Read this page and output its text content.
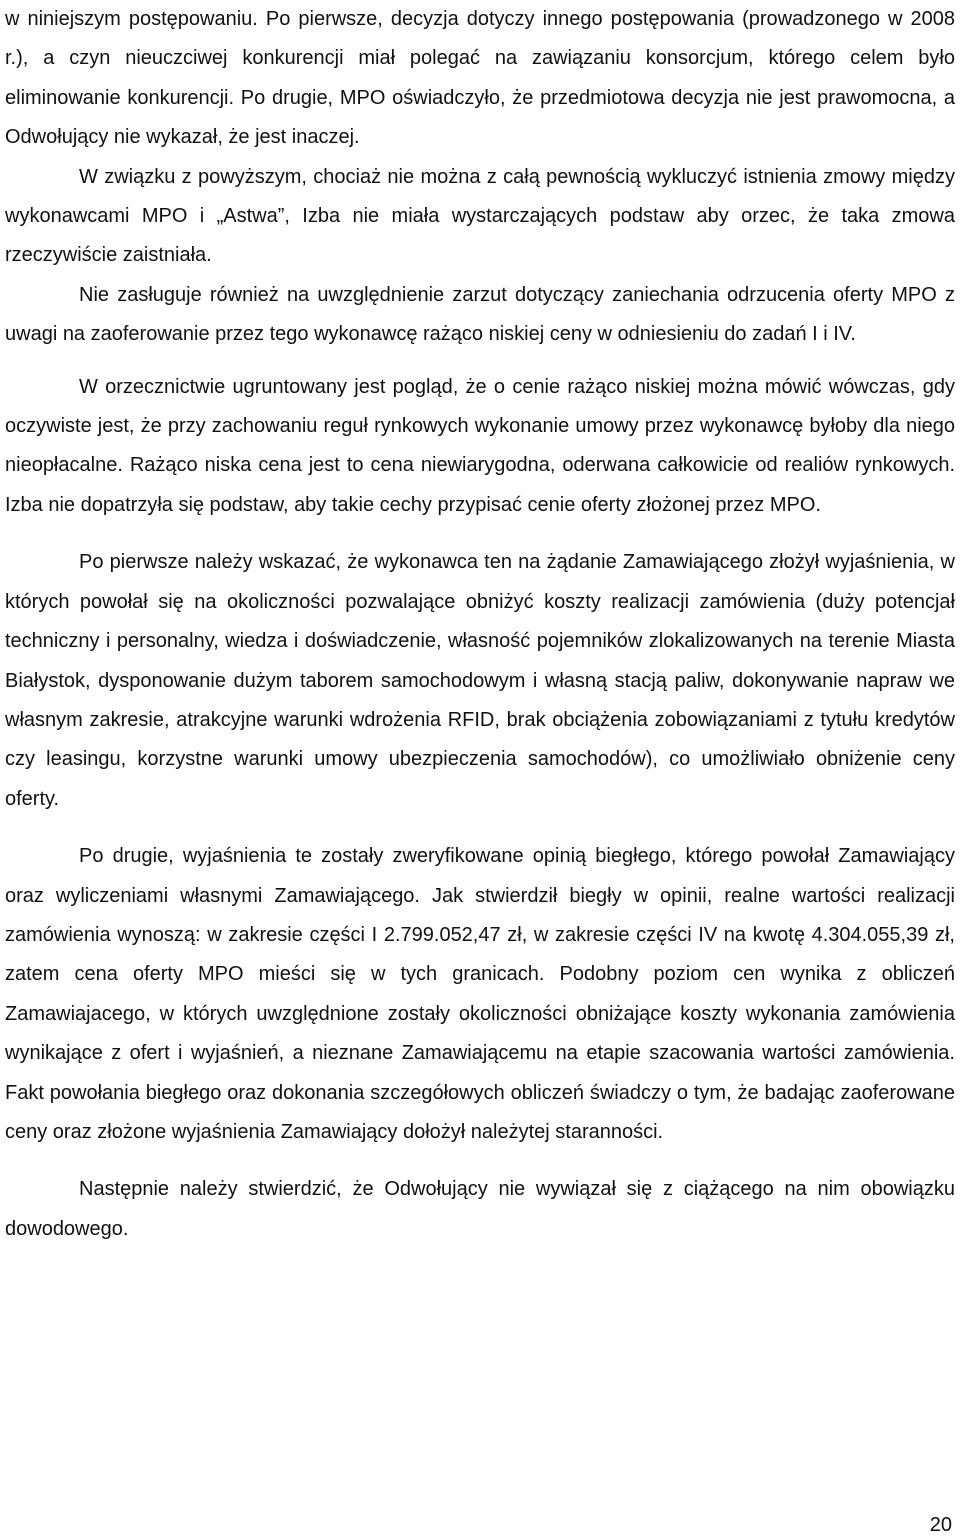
w niniejszym postępowaniu. Po pierwsze, decyzja dotyczy innego postępowania (prowadzonego w 2008 r.), a czyn nieuczciwej konkurencji miał polegać na zawiązaniu konsorcjum, którego celem było eliminowanie konkurencji. Po drugie, MPO oświadczyło, że przedmiotowa decyzja nie jest prawomocna, a Odwołujący nie wykazał, że jest inaczej.

W związku z powyższym, chociaż nie można z całą pewnością wykluczyć istnienia zmowy między wykonawcami MPO i „Astwa”, Izba nie miała wystarczających podstaw aby orzec, że taka zmowa rzeczywiście zaistniała.

Nie zasługuje również na uwzględnienie zarzut dotyczący zaniechania odrzucenia oferty MPO z uwagi na zaoferowanie przez tego wykonawcę rażąco niskiej ceny w odniesieniu do zadań I i IV.

W orzecznictwie ugruntowany jest pogląd, że o cenie rażąco niskiej można mówić wówczas, gdy oczywiste jest, że przy zachowaniu reguł rynkowych wykonanie umowy przez wykonawcę byłoby dla niego nieopłacalne. Rażąco niska cena jest to cena niewiarygodna, oderwana całkowicie od realiów rynkowych. Izba nie dopatrzyła się podstaw, aby takie cechy przypisać cenie oferty złożonej przez MPO.

Po pierwsze należy wskazać, że wykonawca ten na żądanie Zamawiającego złożył wyjaśnienia, w których powołał się na okoliczności pozwalające obniżyć koszty realizacji zamówienia (duży potencjał techniczny i personalny, wiedza i doświadczenie, własność pojemników zlokalizowanych na terenie Miasta Białystok, dysponowanie dużym taborem samochodowym i własną stacją paliw, dokonywanie napraw we własnym zakresie, atrakcyjne warunki wdrożenia RFID, brak obciążenia zobowiązaniami z tytułu kredytów czy leasingu, korzystne warunki umowy ubezpieczenia samochodów), co umożliwiało obniżenie ceny oferty.

Po drugie, wyjaśnienia te zostały zweryfikowane opinią biegłego, którego powołał Zamawiający oraz wyliczeniami własnymi Zamawiającego. Jak stwierdził biegły w opinii, realne wartości realizacji zamówienia wynoszą: w zakresie części I 2.799.052,47 zł, w zakresie części IV na kwotę 4.304.055,39 zł, zatem cena oferty MPO mieści się w tych granicach. Podobny poziom cen wynika z obliczeń Zamawiajacego, w których uwzględnione zostały okoliczności obniżające koszty wykonania zamówienia wynikające z ofert i wyjaśnień, a nieznane Zamawiającemu na etapie szacowania wartości zamówienia. Fakt powołania biegłego oraz dokonania szczegółowych obliczeń świadczy o tym, że badając zaoferowane ceny oraz złożone wyjaśnienia Zamawiający dołożył należytej staranności.

Następnie należy stwierdzić, że Odwołujący nie wywiązał się z ciążącego na nim obowiązku dowodowego.

20
